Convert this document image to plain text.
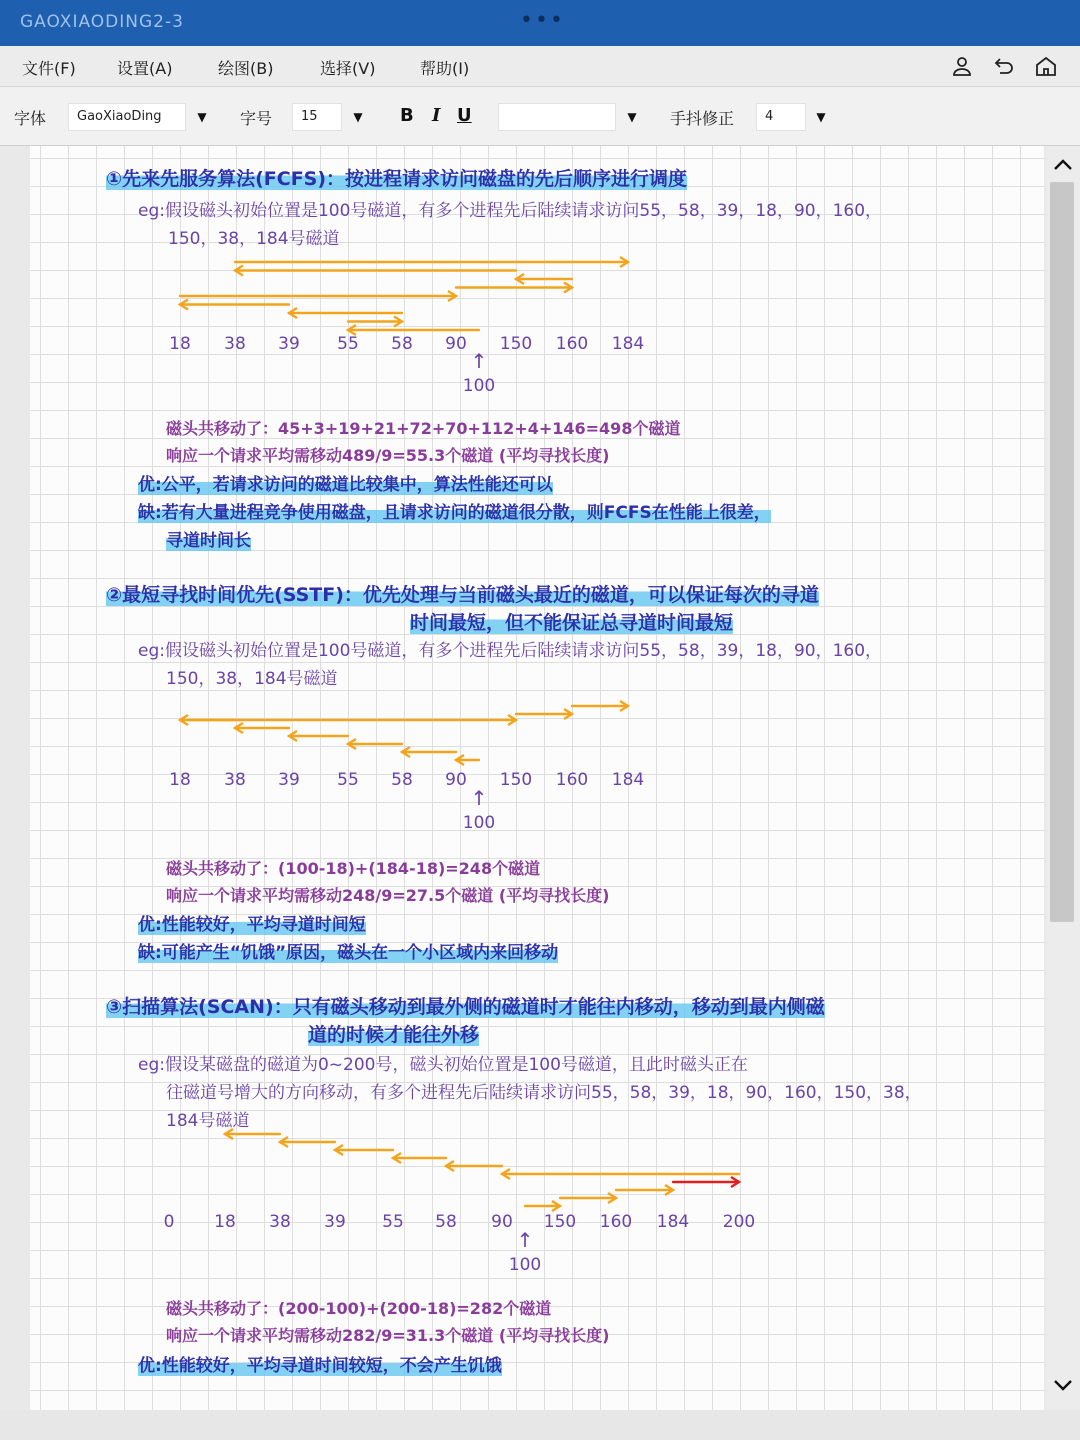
GAOXIAODING2-3	•••
文件(F)	设置(A)	绘图(B)	选择(V)	帮助(I)
字体	GaoXiaoDing	▼	字号	15	▼	B I U	▼	手抖修正	4	▼
①先来先服务算法(FCFS)：按进程请求访问磁盘的先后顺序进行调度
eg:假设磁头初始位置是100号磁道，有多个进程先后陆续请求访问55，58，39，18，90，160，
150，38，184号磁道
18 38 39 55 58 90 150 160 184
↑
100
磁头共移动了：45+3+19+21+72+70+112+4+146=498个磁道
响应一个请求平均需移动489/9=55.3个磁道 (平均寻找长度)
优:公平，若请求访问的磁道比较集中，算法性能还可以
缺:若有大量进程竞争使用磁盘，且请求访问的磁道很分散，则FCFS在性能上很差，
寻道时间长
②最短寻找时间优先(SSTF)：优先处理与当前磁头最近的磁道，可以保证每次的寻道
时间最短，但不能保证总寻道时间最短
eg:假设磁头初始位置是100号磁道，有多个进程先后陆续请求访问55，58，39，18，90，160，
150，38，184号磁道
18 38 39 55 58 90 150 160 184
↑
100
磁头共移动了：(100-18)+(184-18)=248个磁道
响应一个请求平均需移动248/9=27.5个磁道 (平均寻找长度)
优:性能较好，平均寻道时间短
缺:可能产生“饥饿”原因，磁头在一个小区域内来回移动
③扫描算法(SCAN)：只有磁头移动到最外侧的磁道时才能往内移动，移动到最内侧磁
道的时候才能往外移
eg:假设某磁盘的磁道为0~200号，磁头初始位置是100号磁道，且此时磁头正在
往磁道号增大的方向移动，有多个进程先后陆续请求访问55，58，39，18，90，160，150，38，
184号磁道
0 18 38 39 55 58 90 150 160 184 200
↑
100
磁头共移动了：(200-100)+(200-18)=282个磁道
响应一个请求平均需移动282/9=31.3个磁道 (平均寻找长度)
优:性能较好，平均寻道时间较短，不会产生饥饿
